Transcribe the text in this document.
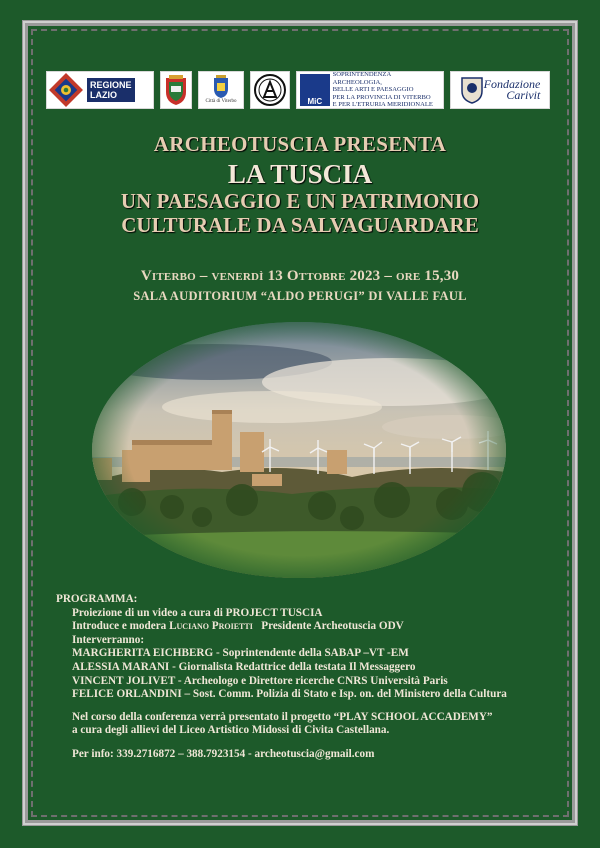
REGIONE
LAZIO
Città di Viterbo	MiC
SOPRINTENDENZA ARCHEOLOGIA,
BELLE ARTI E PAESAGGIO
PER LA PROVINCIA DI VITERBO
E PER L'ETRURIA MERIDIONALE
Fondazione
Carivit
ARCHEOTUSCIA PRESENTA
LA TUSCIA
UN PAESAGGIO E UN PATRIMONIO
CULTURALE DA SALVAGUARDARE
Viterbo – venerdì 13 Ottobre 2023 – ore 15,30
SALA AUDITORIUM “ALDO PERUGI” DI VALLE FAUL
PROGRAMMA:
Proiezione di un video a cura di PROJECT TUSCIA
Introduce e modera Luciano Proietti   Presidente Archeotuscia ODV
Interverranno:
MARGHERITA EICHBERG - Soprintendente della SABAP –VT -EM
ALESSIA MARANI - Giornalista Redattrice della testata Il Messaggero
VINCENT JOLIVET - Archeologo e Direttore ricerche CNRS Università Paris
FELICE ORLANDINI – Sost. Comm. Polizia di Stato e Isp. on. del Ministero della Cultura
Nel corso della conferenza verrà presentato il progetto “PLAY SCHOOL ACCADEMY”
a cura degli allievi del Liceo Artistico Midossi di Civita Castellana.
Per info: 339.2716872 – 388.7923154 - archeotuscia@gmail.com
